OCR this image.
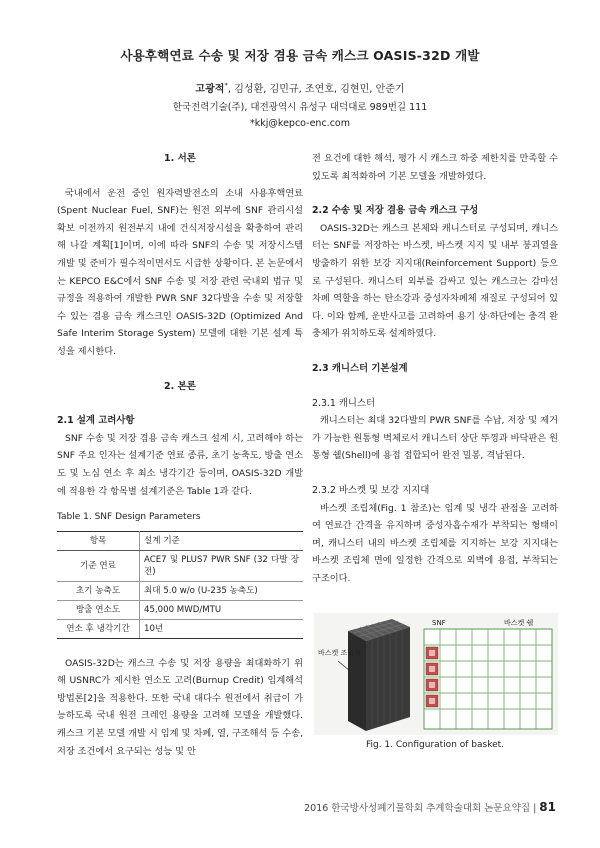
사용후핵연료 수송 및 저장 겸용 금속 캐스크 OASIS-32D 개발
고광적*, 김성환, 김민규, 조연호, 김현민, 안준기
한국전력기술(주), 대전광역시 유성구 대덕대로 989번길 111
*kkj@kepco-enc.com
1. 서론

국내에서 운전 중인 원자력발전소의 소내 사용후핵연료(Spent Nuclear Fuel, SNF)는 원전 외부에 SNF 관리시설 확보 이전까지 원전부지 내에 건식저장시설을 확충하여 관리해 나갈 계획[1]이며, 이에 따라 SNF의 수송 및 저장시스템 개발 및 준비가 필수적이면서도 시급한 상황이다. 본 논문에서는 KEPCO E&C에서 SNF 수송 및 저장 관련 국내외 법규 및 규정을 적용하여 개발한 PWR SNF 32다발을 수송 및 저장할 수 있는 겸용 금속 캐스크인 OASIS-32D (Optimized And Safe Interim Storage System) 모델에 대한 기본 설계 특성을 제시한다.

2. 본론
2.1 설계 고려사항

SNF 수송 및 저장 겸용 금속 캐스크 설계 시, 고려해야 하는 SNF 주요 인자는 설계기준 연료 종류, 초기 농축도, 방출 연소도 및 노심 연소 후 최소 냉각기간 등이며, OASIS-32D 개발에 적용한 각 항목별 설계기준은 Table 1과 같다.

Table 1. SNF Design Parameters
항목	설계 기준
기준 연료	ACE7 및 PLUS7 PWR SNF (32 다발 장전)
초기 농축도	최대 5.0 w/o (U-235 농축도)
방출 연소도	45,000 MWD/MTU
연소 후 냉각기간	10년

OASIS-32D는 캐스크 수송 및 저장 용량을 최대화하기 위해 USNRC가 제시한 연소도 고려(Burnup Credit) 임계해석 방법론[2]을 적용한다. 또한 국내 대다수 원전에서 취급이 가능하도록 국내 원전 크레인 용량을 고려해 모델을 개발했다. 캐스크 기본 모델 개발 시 임계 및 차폐, 열, 구조해석 등 수송, 저장 조건에서 요구되는 성능 및 안

전 요건에 대한 해석, 평가 시 캐스크 하중 제한치를 만족할 수 있도록 최적화하여 기본 모델을 개발하였다.

2.2 수송 및 저장 겸용 금속 캐스크 구성

OASIS-32D는 캐스크 본체와 캐니스터로 구성되며, 캐니스터는 SNF를 저장하는 바스켓, 바스켓 지지 및 내부 붕괴열을 방출하기 위한 보강 지지대(Reinforcement Support) 등으로 구성된다. 캐니스터 외부를 감싸고 있는 캐스크는 감마선 차폐 역할을 하는 탄소강과 중성자차폐체 재질로 구성되어 있다. 이와 함께, 운반사고를 고려하여 용기 상·하단에는 충격 완충체가 위치하도록 설계하였다.

2.3 캐니스터 기본설계
2.3.1 캐니스터

캐니스터는 최대 32다발의 PWR SNF를 수납, 저장 및 제거가 가능한 원통형 벽체로서 캐니스터 상단 뚜껑과 바닥판은 원통형 쉘(Shell)에 용접 접합되어 완전 밀봉, 격납된다.

2.3.2 바스켓 및 보강 지지대

바스켓 조립체(Fig. 1 참조)는 임계 및 냉각 관점을 고려하여 연료간 간격을 유지하며 중성자흡수재가 부착되는 형태이며, 캐니스터 내의 바스켓 조립체를 지지하는 보강 지지대는 바스켓 조립체 면에 일정한 간격으로 외벽에 용접, 부착되는 구조이다.

바스켓 조립체
SNF	바스켓 쉘
Fig. 1. Configuration of basket.
2016 한국방사성폐기물학회 추계학술대회 논문요약집 | 81
